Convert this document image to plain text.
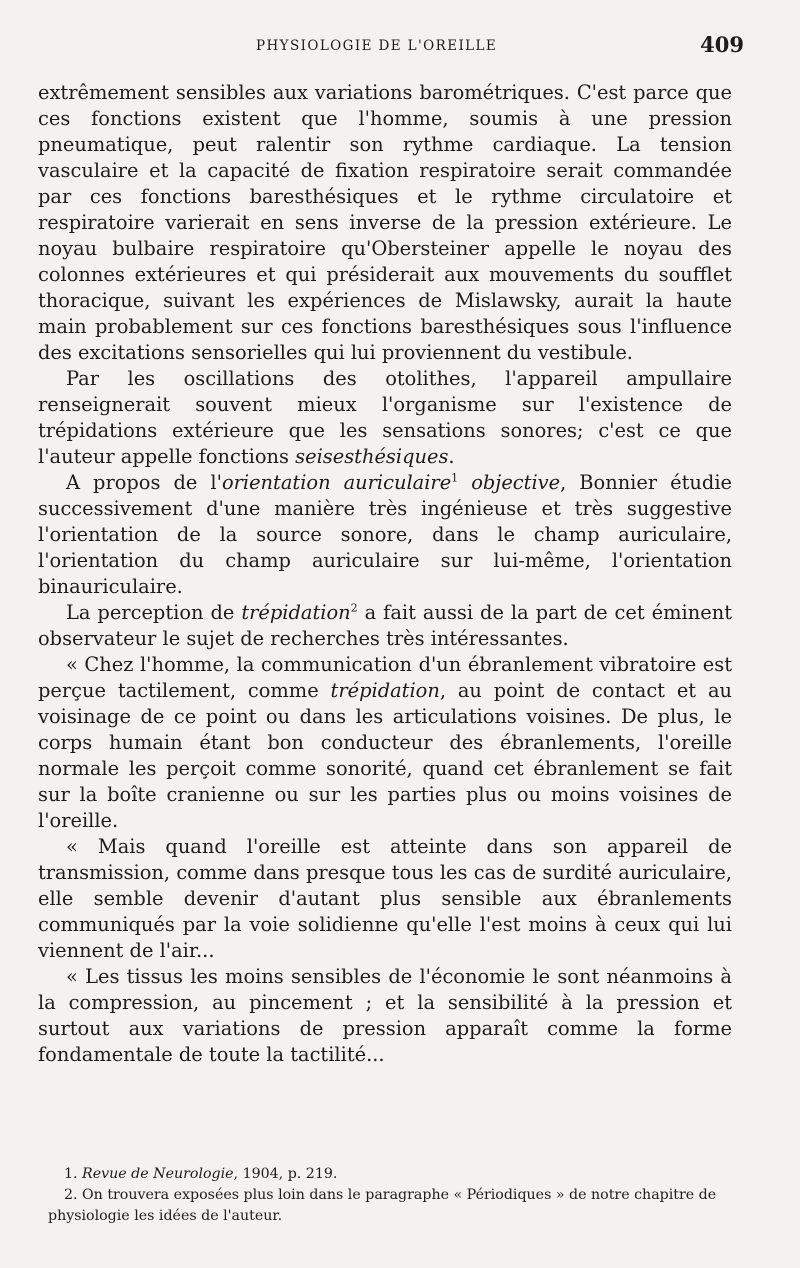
PHYSIOLOGIE DE L'OREILLE	409

extrêmement sensibles aux variations barométriques. C'est parce que ces fonctions existent que l'homme, soumis à une pression pneumatique, peut ralentir son rythme cardiaque. La tension vasculaire et la capacité de fixation respiratoire serait commandée par ces fonctions baresthésiques et le rythme circulatoire et respiratoire varierait en sens inverse de la pression extérieure. Le noyau bulbaire respiratoire qu'Obersteiner appelle le noyau des colonnes extérieures et qui présiderait aux mouvements du soufflet thoracique, suivant les expériences de Mislawsky, aurait la haute main probablement sur ces fonctions baresthésiques sous l'influence des excitations sensorielles qui lui proviennent du vestibule.

Par les oscillations des otolithes, l'appareil ampullaire renseignerait souvent mieux l'organisme sur l'existence de trépidations extérieure que les sensations sonores; c'est ce que l'auteur appelle fonctions seisesthésiques.

A propos de l'orientation auriculaire$^1$ objective, Bonnier étudie successivement d'une manière très ingénieuse et très suggestive l'orientation de la source sonore, dans le champ auriculaire, l'orientation du champ auriculaire sur lui-même, l'orientation binauriculaire.

La perception de trépidation$^2$ a fait aussi de la part de cet éminent observateur le sujet de recherches très intéressantes.

« Chez l'homme, la communication d'un ébranlement vibratoire est perçue tactilement, comme trépidation, au point de contact et au voisinage de ce point ou dans les articulations voisines. De plus, le corps humain étant bon conducteur des ébranlements, l'oreille normale les perçoit comme sonorité, quand cet ébranlement se fait sur la boîte cranienne ou sur les parties plus ou moins voisines de l'oreille.

« Mais quand l'oreille est atteinte dans son appareil de transmission, comme dans presque tous les cas de surdité auriculaire, elle semble devenir d'autant plus sensible aux ébranlements communiqués par la voie solidienne qu'elle l'est moins à ceux qui lui viennent de l'air...

« Les tissus les moins sensibles de l'économie le sont néanmoins à la compression, au pincement ; et la sensibilité à la pression et surtout aux variations de pression apparaît comme la forme fondamentale de toute la tactilité...

1. Revue de Neurologie, 1904, p. 219.

2. On trouvera exposées plus loin dans le paragraphe « Périodiques » de notre chapitre de physiologie les idées de l'auteur.
